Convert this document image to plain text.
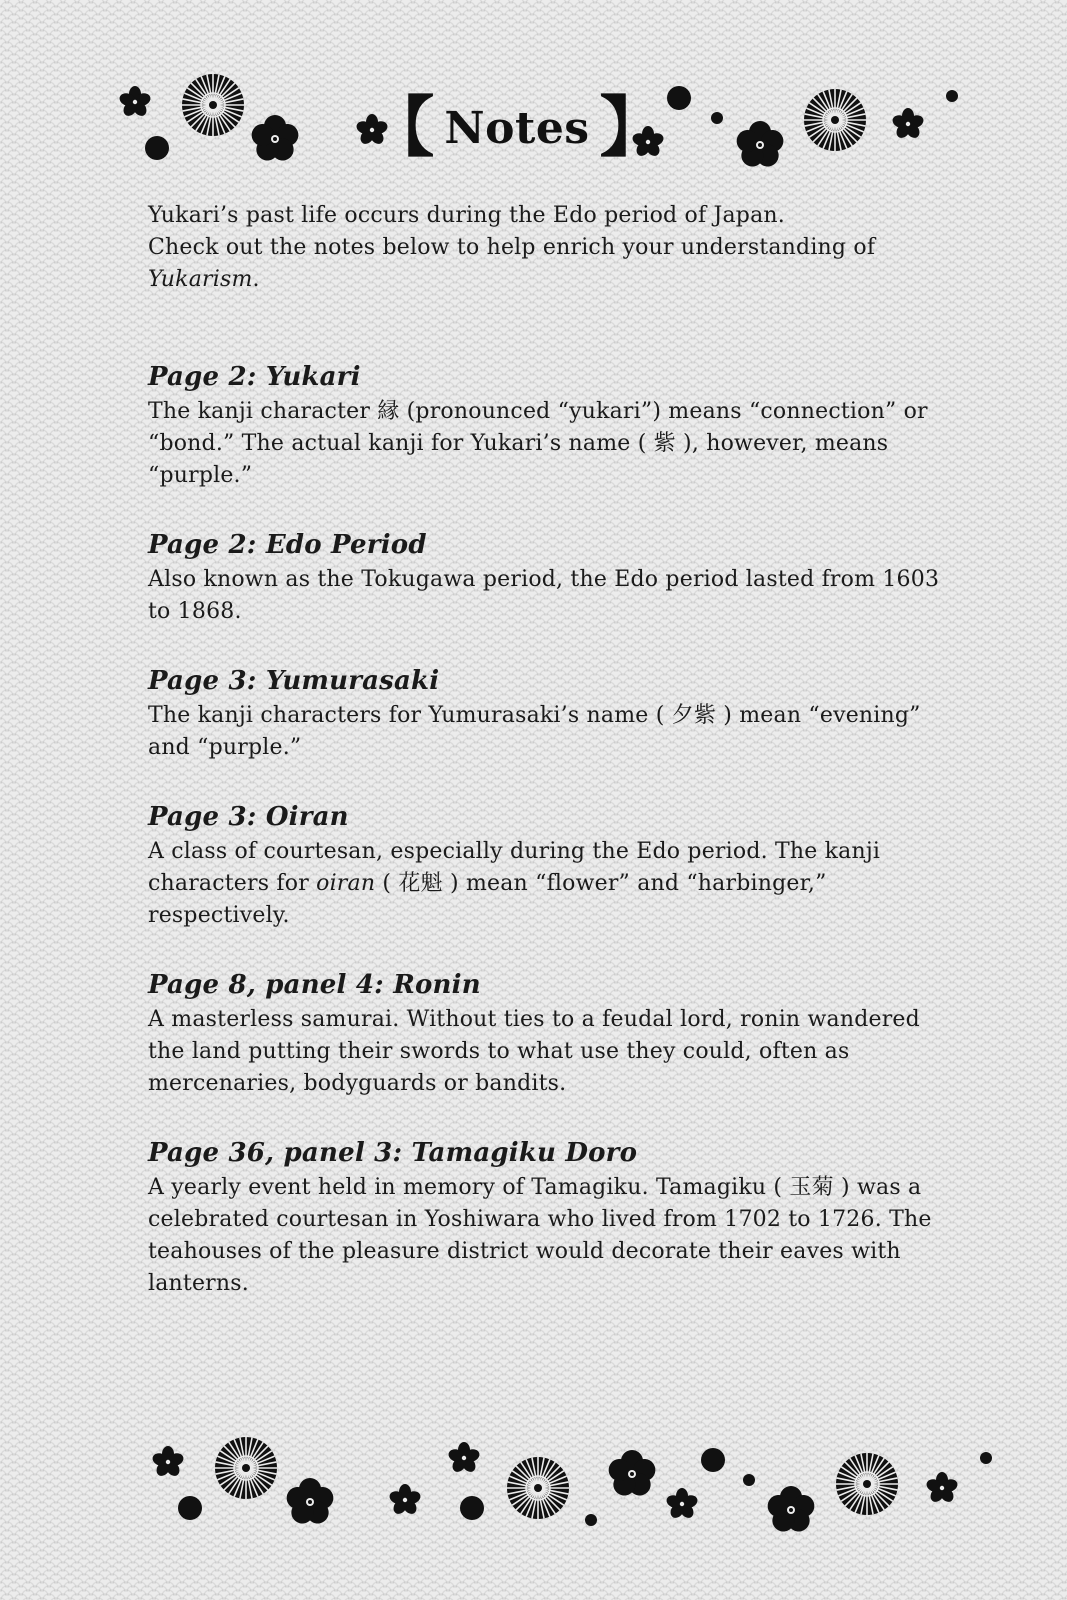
【 Notes 】

Yukari’s past life occurs during the Edo period of Japan.

Check out the notes below to help enrich your understanding of

Yukarism.

Page 2: Yukari

The kanji character 縁 (pronounced “yukari”) means “connection” or “bond.” The actual kanji for Yukari’s name ( 紫 ), however, means “purple.”

Page 2: Edo Period

Also known as the Tokugawa period, the Edo period lasted from 1603 to 1868.

Page 3: Yumurasaki

The kanji characters for Yumurasaki’s name ( 夕紫 ) mean “evening” and “purple.”

Page 3: Oiran

A class of courtesan, especially during the Edo period. The kanji characters for oiran ( 花魁 ) mean “flower” and “harbinger,” respectively.

Page 8, panel 4: Ronin

A masterless samurai. Without ties to a feudal lord, ronin wandered the land putting their swords to what use they could, often as mercenaries, bodyguards or bandits.

Page 36, panel 3: Tamagiku Doro

A yearly event held in memory of Tamagiku. Tamagiku ( 玉菊 ) was a celebrated courtesan in Yoshiwara who lived from 1702 to 1726. The teahouses of the pleasure district would decorate their eaves with lanterns.
